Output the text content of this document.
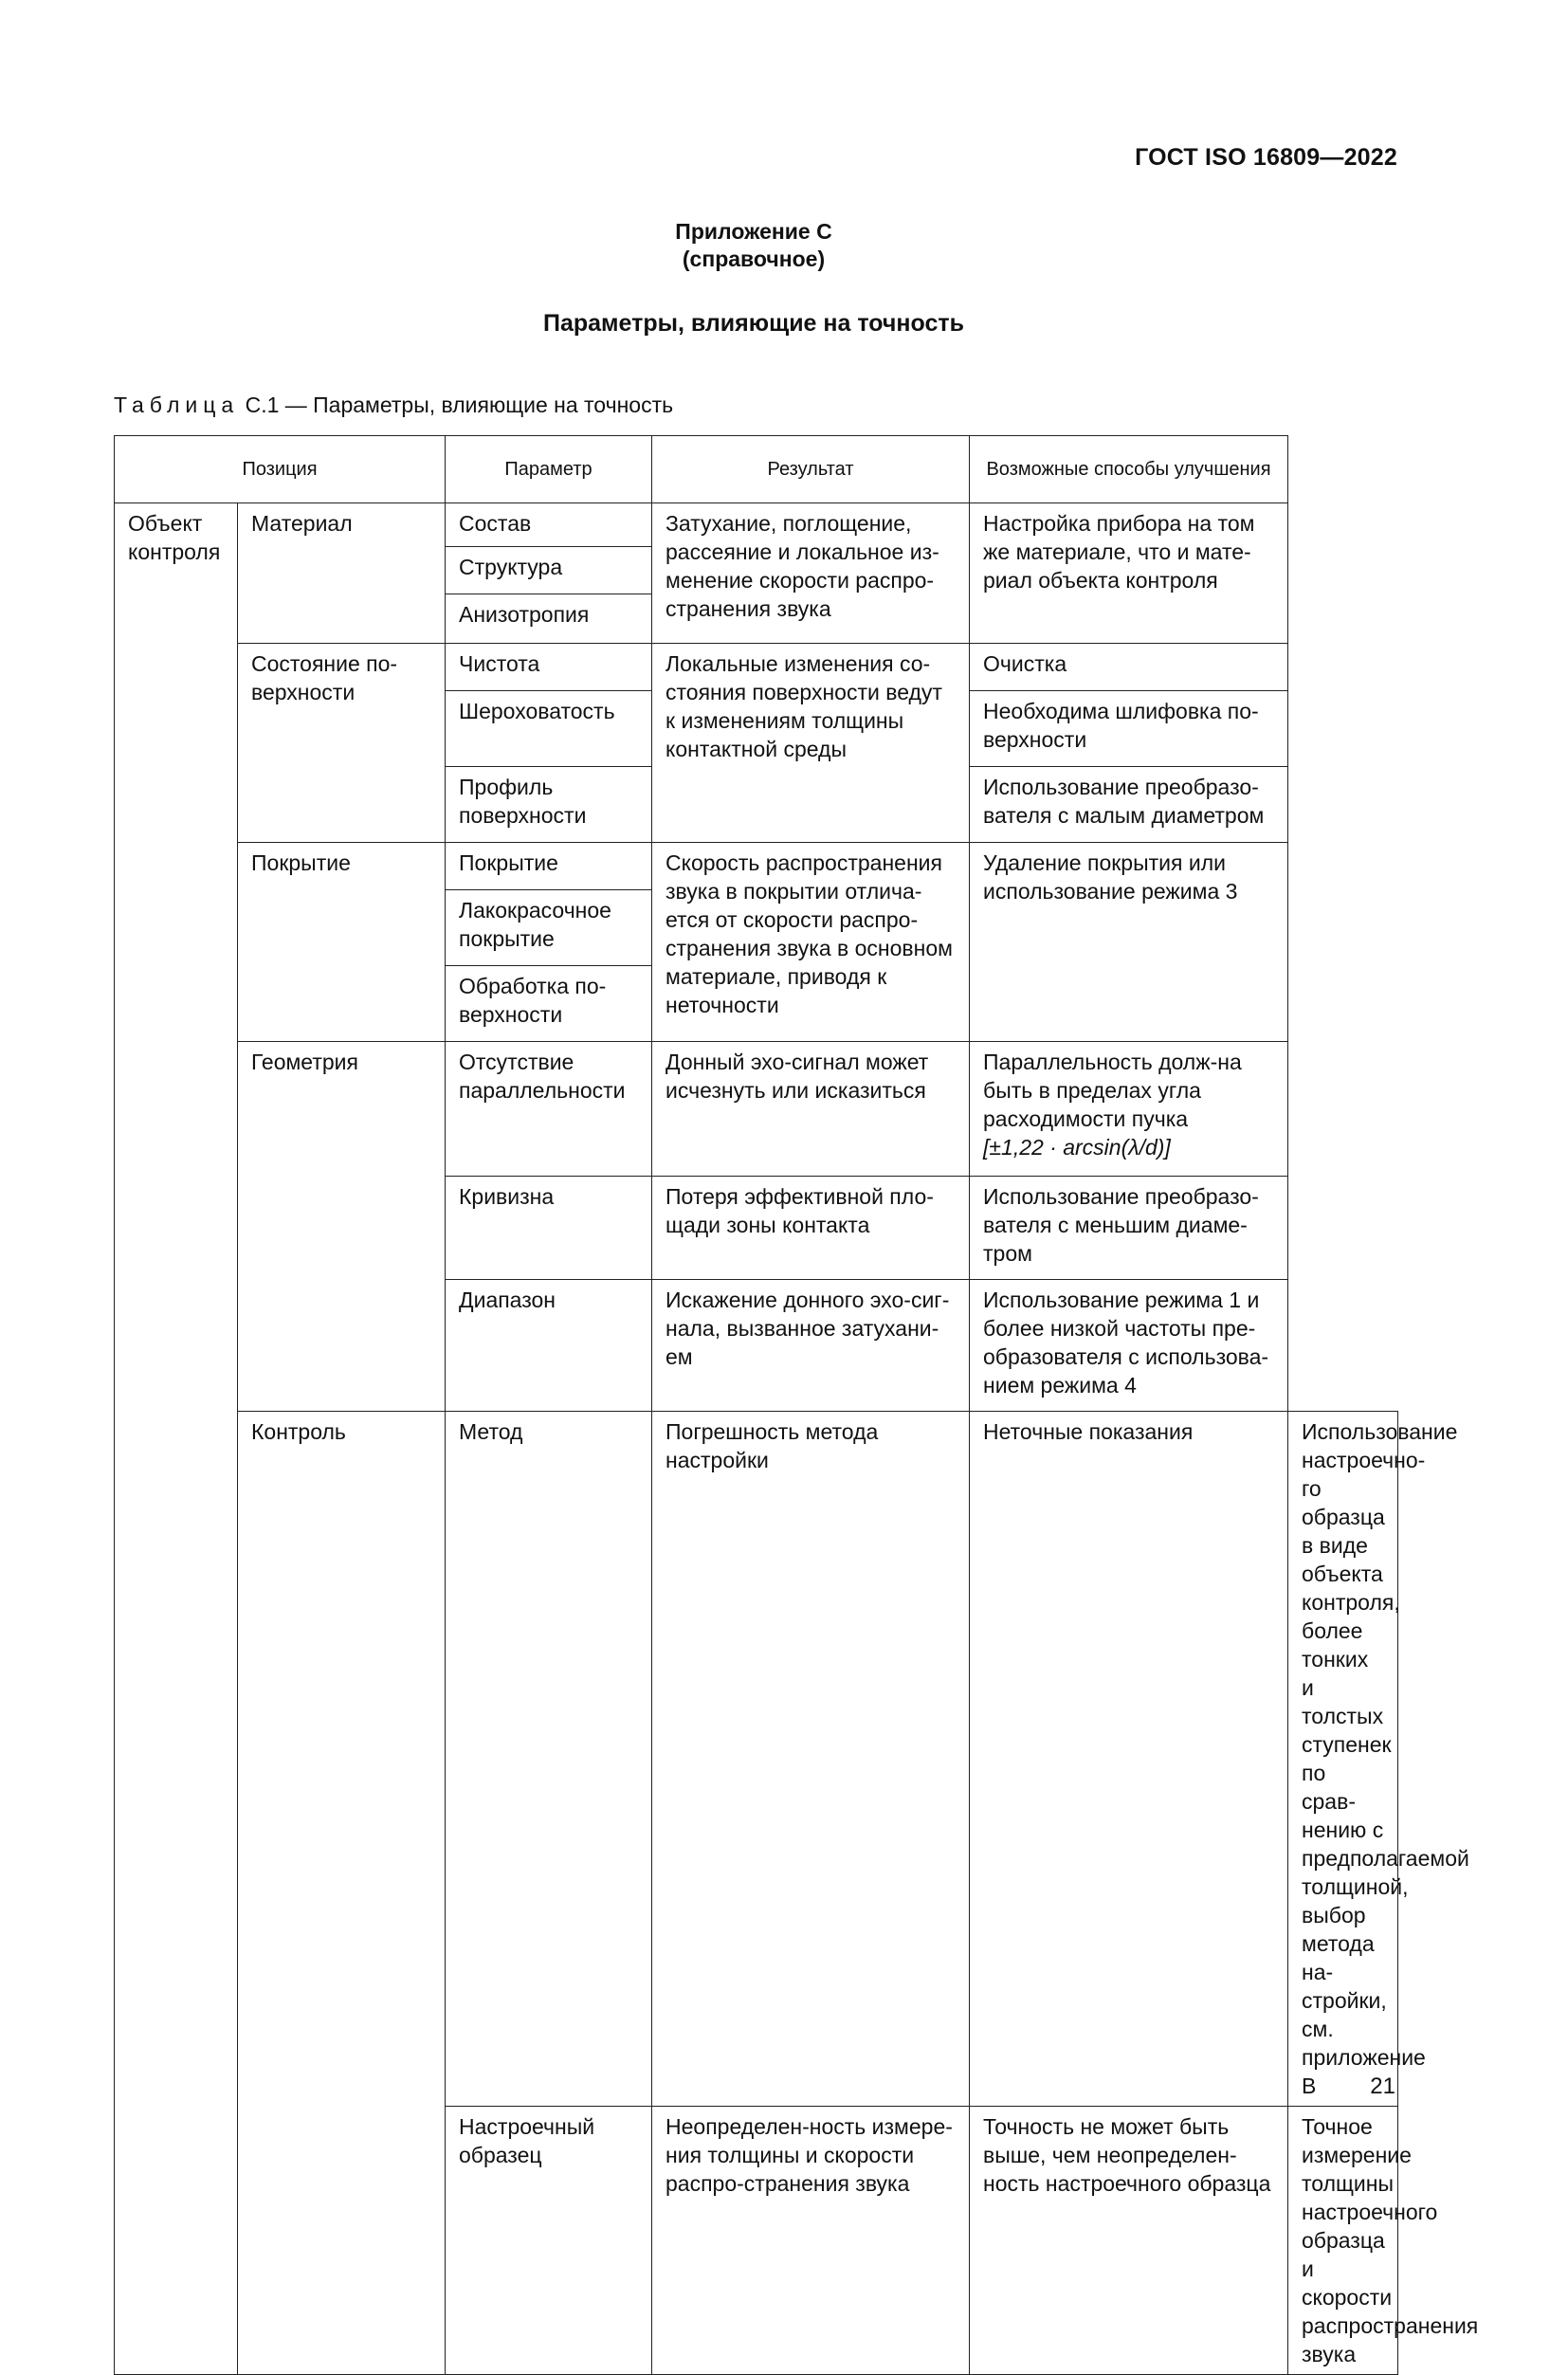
ГОСТ ISO 16809—2022
Приложение С
(справочное)
Параметры, влияющие на точность
Таблица С.1 — Параметры, влияющие на точность
Позиция		Параметр	Результат	Возможные способы улучшения	
Объект контроля	Материал	Состав	Затухание, поглощение, рассеяние и локальное из-менение скорости распро-странения звука	Настройка прибора на том же материале, что и мате-риал объекта контроля	
		Структура			
		Анизотропия			
	Состояние по-верхности	Чистота	Локальные изменения со-стояния поверхности ведут к изменениям толщины контактной среды	Очистка	
		Шероховатость		Необходима шлифовка по-верхности	
		Профиль поверхности		Использование преобразо-вателя с малым диаметром	
	Покрытие	Покрытие	Скорость распространения звука в покрытии отлича-ется от скорости распро-странения звука в основном материале, приводя к неточности	Удаление покрытия или использование режима 3	
		Лакокрасочное покрытие			
		Обработка по-верхности			
	Геометрия	Отсутствие параллельности	Донный эхо-сигнал может исчезнуть или исказиться	Параллельность долж-на быть в пределах угла расходимости пучка
[±1,22 · arcsin(λ/d)]	
		Кривизна	Потеря эффективной пло-щади зоны контакта	Использование преобразо-вателя с меньшим диаме-тром	
		Диапазон	Искажение донного эхо-сиг-нала, вызванное затухани-ем	Использование режима 1 и более низкой частоты пре-образователя с использова-нием режима 4	
	Контроль	Метод	Погрешность метода настройки	Неточные показания	Использование настроечно-го образца в виде объекта контроля, более тонких и толстых ступенек по срав-нению с предполагаемой толщиной, выбор метода на-стройки, см. приложение В
		Настроечный образец	Неопределен-ность измере-ния толщины и скорости распро-странения звука	Точность не может быть выше, чем неопределен-ность настроечного образца	Точное измерение толщины настроечного образца и скорости распространения звука
21
